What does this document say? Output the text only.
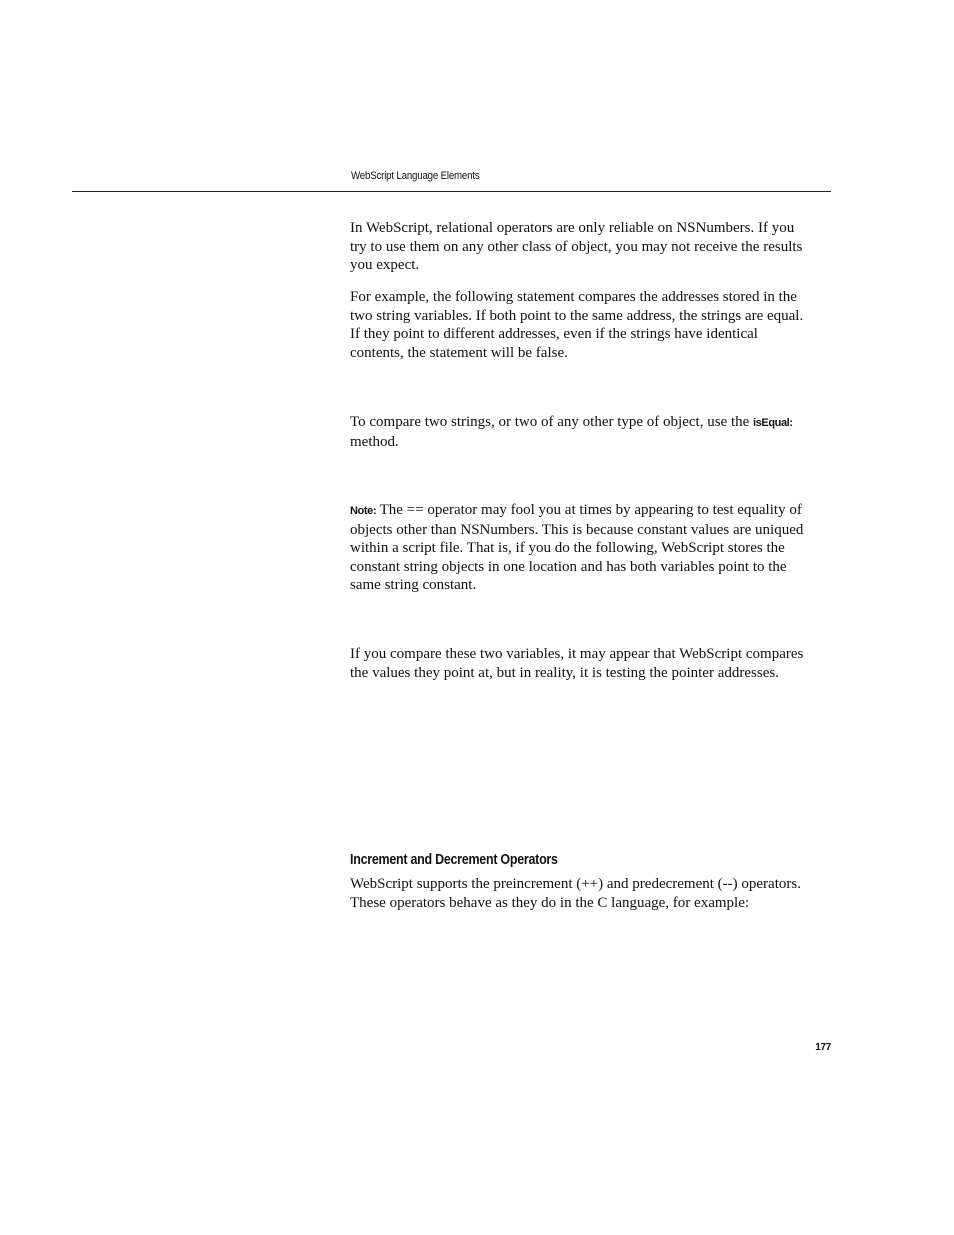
WebScript Language Elements

In WebScript, relational operators are only reliable on NSNumbers. If you try to use them on any other class of object, you may not receive the results you expect.

For example, the following statement compares the addresses stored in the two string variables. If both point to the same address, the strings are equal. If they point to different addresses, even if the strings have identical contents, the statement will be false.

To compare two strings, or two of any other type of object, use the isEqual: method.

Note: The == operator may fool you at times by appearing to test equality of objects other than NSNumbers. This is because constant values are uniqued within a script file. That is, if you do the following, WebScript stores the constant string objects in one location and has both variables point to the same string constant.

If you compare these two variables, it may appear that WebScript compares the values they point at, but in reality, it is testing the pointer addresses.

Increment and Decrement Operators

WebScript supports the preincrement (++) and predecrement (--) operators. These operators behave as they do in the C language, for example:

177
